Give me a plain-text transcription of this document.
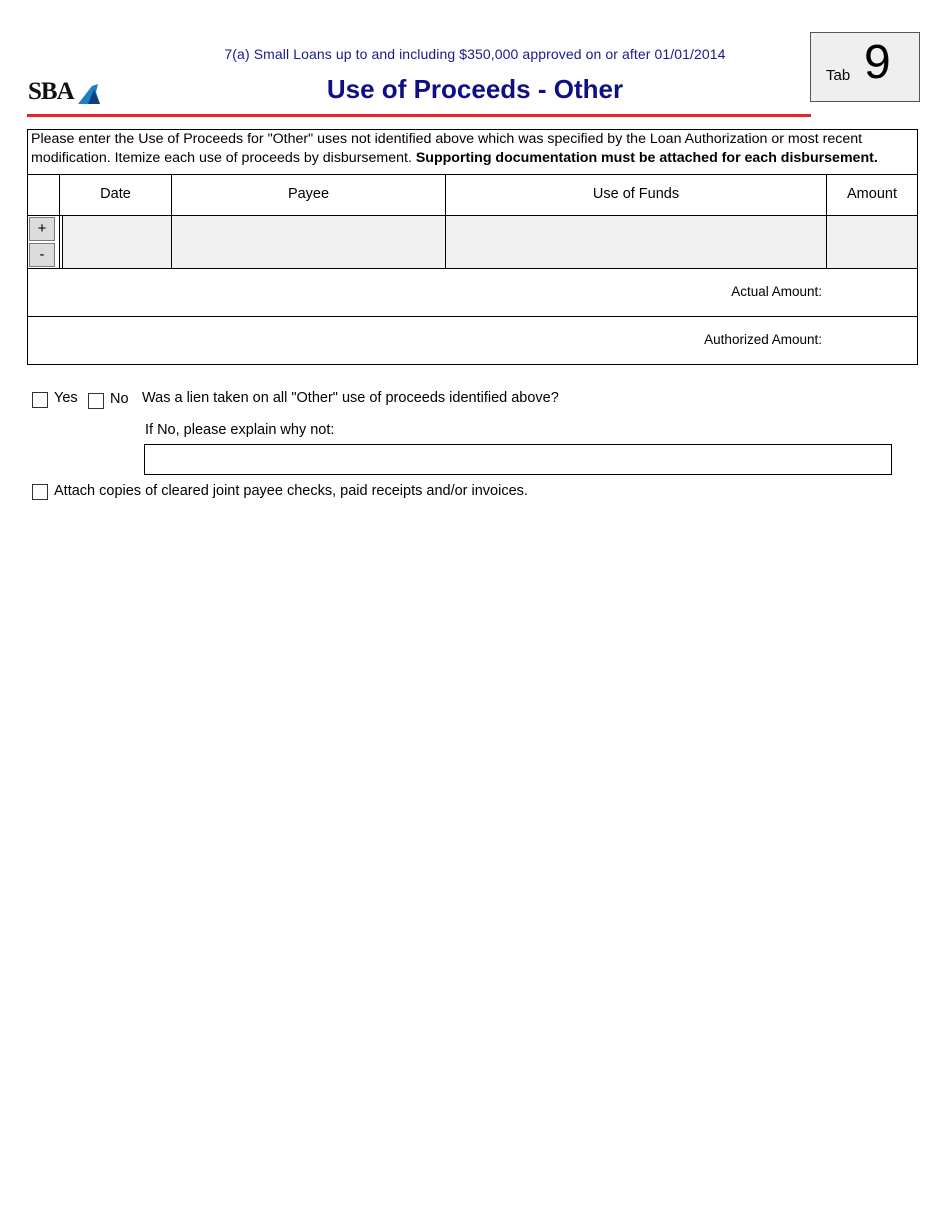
7(a) Small Loans up to and including $350,000 approved on or after 01/01/2014
Use of Proceeds - Other
SBA
Tab 9
Please enter the Use of Proceeds for "Other" uses not identified above which was specified by the Loan Authorization or most recent modification. Itemize each use of proceeds by disbursement. Supporting documentation must be attached for each disbursement.
Date	Payee	Use of Funds	Amount
+
-
Actual Amount:
Authorized Amount:
Yes No Was a lien taken on all "Other" use of proceeds identified above?
If No, please explain why not:
Attach copies of cleared joint payee checks, paid receipts and/or invoices.
